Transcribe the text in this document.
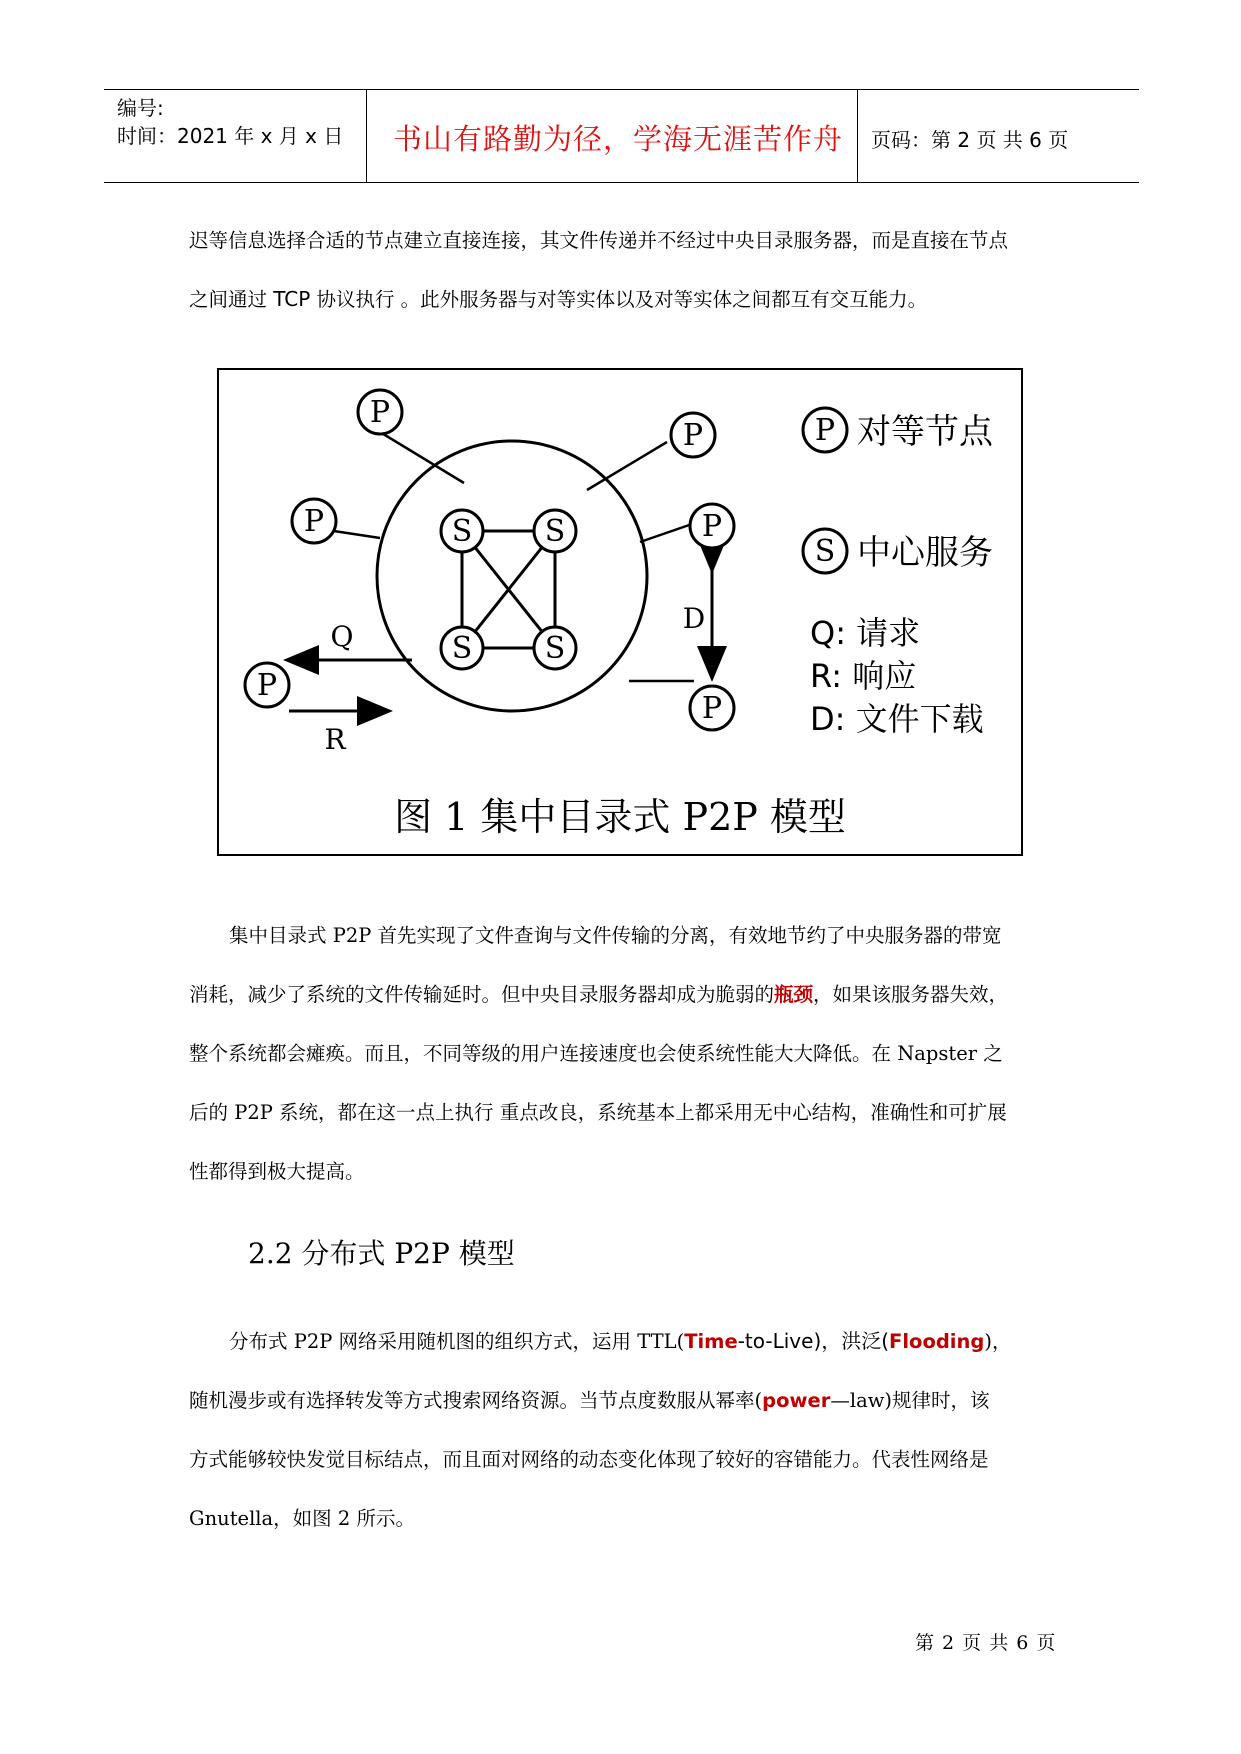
编号:
时间：2021 年 x 月 x 日 书山有路勤为径，学海无涯苦作舟 页码：第 2 页 共 6 页

迟等信息选择合适的节点建立直接连接，其文件传递并不经过中央目录服务器，而是直接在节点

之间通过 TCP 协议执行 。此外服务器与对等实体以及对等实体之间都互有交互能力。

P
P
P
P
P
P
S S
S S
Q
R
D
P 对等节点
S 中心服务
Q: 请求
R: 响应
D: 文件下载
图 1 集中目录式 P2P 模型

集中目录式 P2P 首先实现了文件查询与文件传输的分离，有效地节约了中央服务器的带宽

消耗，减少了系统的文件传输延时。但中央目录服务器却成为脆弱的瓶颈，如果该服务器失效，

整个系统都会瘫痪。而且，不同等级的用户连接速度也会使系统性能大大降低。在 Napster 之

后的 P2P 系统，都在这一点上执行 重点改良，系统基本上都采用无中心结构，准确性和可扩展

性都得到极大提高。

2.2 分布式 P2P 模型

分布式 P2P 网络采用随机图的组织方式，运用 TTL(Time-to-Live)，洪泛(Flooding)，

随机漫步或有选择转发等方式搜索网络资源。当节点度数服从幂率(power—law)规律时，该

方式能够较快发觉目标结点，而且面对网络的动态变化体现了较好的容错能力。代表性网络是

Gnutella，如图 2 所示。

第 2 页 共 6 页
